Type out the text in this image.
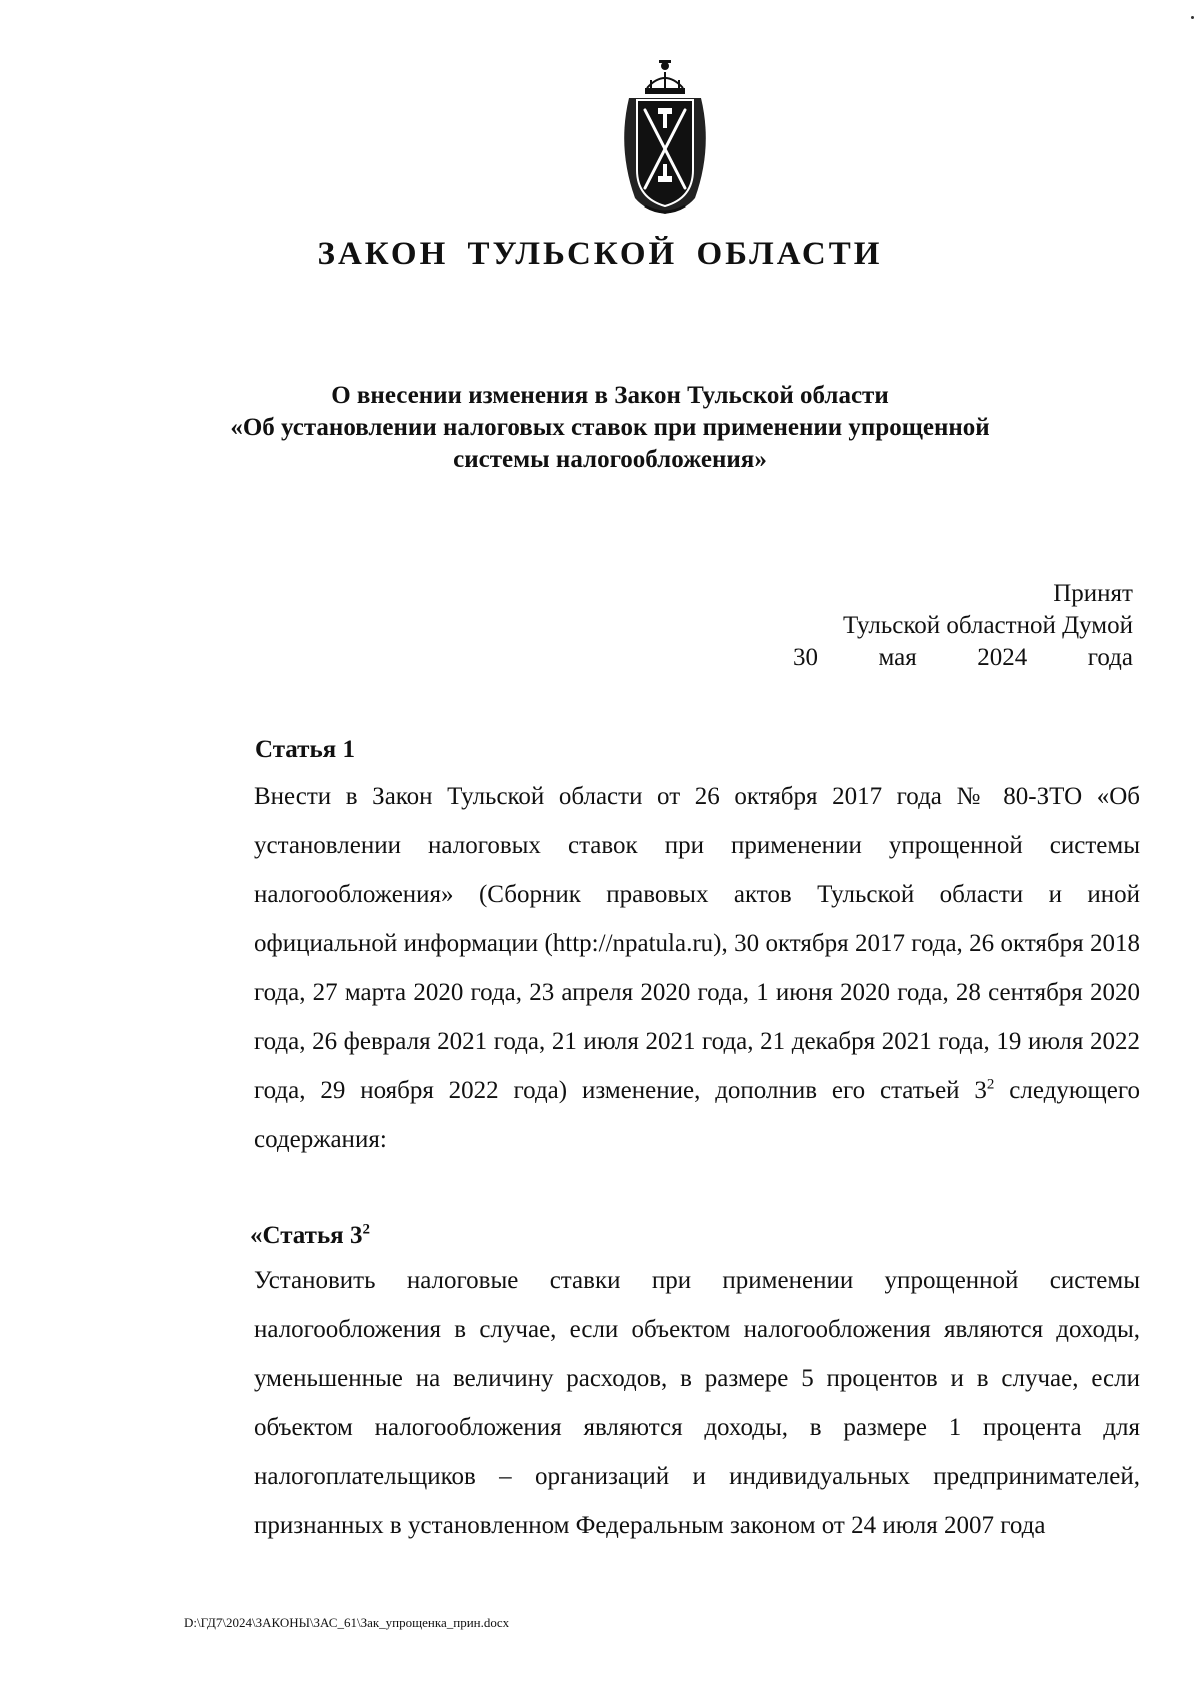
ЗАКОН ТУЛЬСКОЙ ОБЛАСТИ
О внесении изменения в Закон Тульской области
«Об установлении налоговых ставок при применении упрощенной
системы налогообложения»
Принят
Тульской областной Думой
30 мая 2024 года
Статья 1
Внести в Закон Тульской области от 26 октября 2017 года № 80-ЗТО «Об установлении налоговых ставок при применении упрощенной системы налогообложения» (Сборник правовых актов Тульской области и иной официальной информации (http://npatula.ru), 30 октября 2017 года, 26 октября 2018 года, 27 марта 2020 года, 23 апреля 2020 года, 1 июня 2020 года, 28 сентября 2020 года, 26 февраля 2021 года, 21 июля 2021 года, 21 декабря 2021 года, 19 июля 2022 года, 29 ноября 2022 года) изменение, дополнив его статьей $3^2$ следующего содержания:
«Статья $3^2$
Установить налоговые ставки при применении упрощенной системы налогообложения в случае, если объектом налогообложения являются доходы, уменьшенные на величину расходов, в размере 5 процентов и в случае, если объектом налогообложения являются доходы, в размере 1 процента для налогоплательщиков – организаций и индивидуальных предпринимателей, признанных в установленном Федеральным законом от 24 июля 2007 года
D:\ГД7\2024\ЗАКОНЫ\ЗАС_61\Зак_упрощенка_прин.docx
